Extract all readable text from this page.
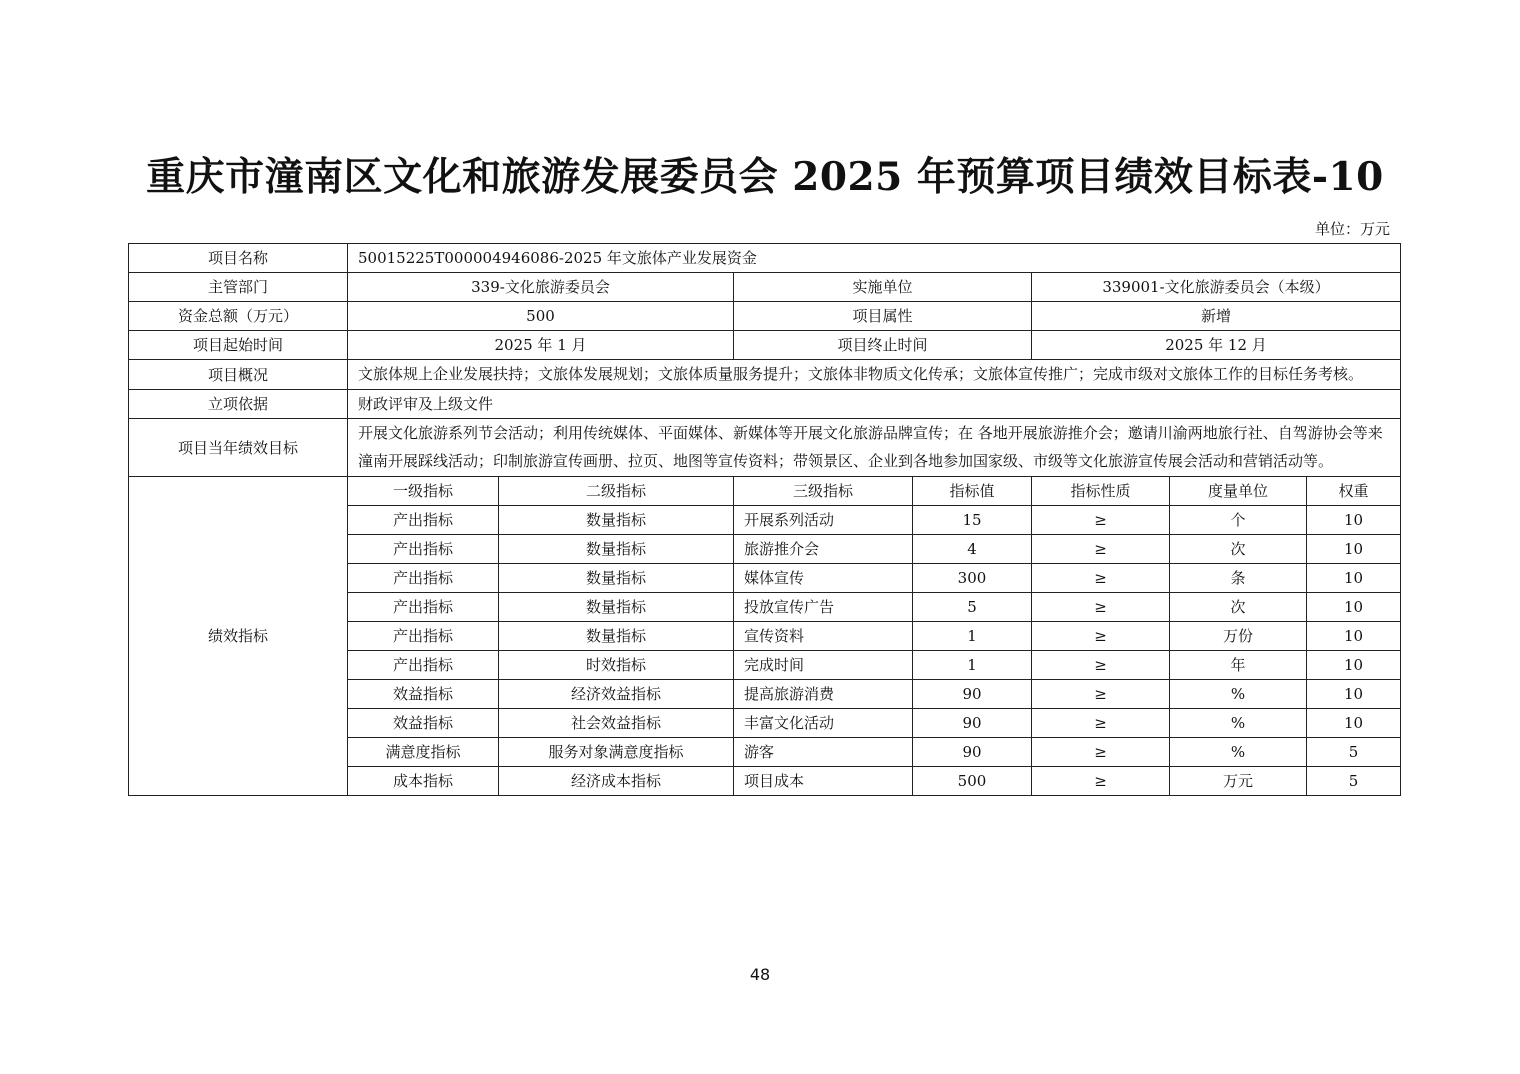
重庆市潼南区文化和旅游发展委员会 2025 年预算项目绩效目标表-10
单位：万元
项目名称	50015225T000004946086-2025 年文旅体产业发展资金						
主管部门	339-文化旅游委员会		实施单位		339001-文化旅游委员会（本级）		
资金总额（万元）	500		项目属性		新增		
项目起始时间	2025 年 1 月		项目终止时间		2025 年 12 月		
项目概况	文旅体规上企业发展扶持；文旅体发展规划；文旅体质量服务提升；文旅体非物质文化传承；文旅体宣传推广；完成市级对文旅体工作的目标任务考核。						
立项依据	财政评审及上级文件						
项目当年绩效目标	开展文化旅游系列节会活动；利用传统媒体、平面媒体、新媒体等开展文化旅游品牌宣传；在 各地开展旅游推介会；邀请川渝两地旅行社、自驾游协会等来潼南开展踩线活动；印制旅游宣传画册、拉页、地图等宣传资料；带领景区、企业到各地参加国家级、市级等文化旅游宣传展会活动和营销活动等。						
绩效指标	一级指标	二级指标	三级指标	指标值	指标性质	度量单位	权重
	产出指标	数量指标	开展系列活动	15	≥	个	10
	产出指标	数量指标	旅游推介会	4	≥	次	10
	产出指标	数量指标	媒体宣传	300	≥	条	10
	产出指标	数量指标	投放宣传广告	5	≥	次	10
	产出指标	数量指标	宣传资料	1	≥	万份	10
	产出指标	时效指标	完成时间	1	≥	年	10
	效益指标	经济效益指标	提高旅游消费	90	≥	%	10
	效益指标	社会效益指标	丰富文化活动	90	≥	%	10
	满意度指标	服务对象满意度指标	游客	90	≥	%	5
	成本指标	经济成本指标	项目成本	500	≥	万元	5
48
